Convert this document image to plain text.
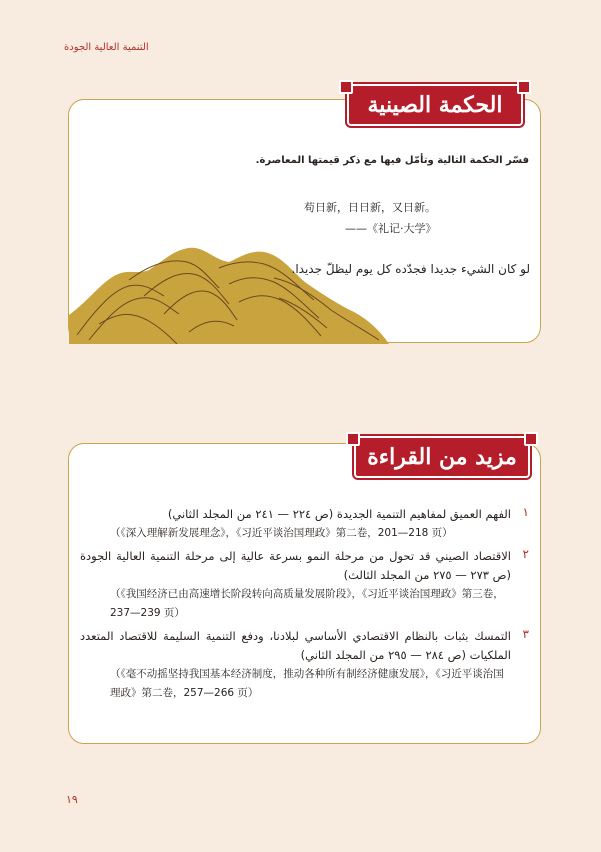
التنمية العالية الجودة
الحكمة الصينية
فسّر الحكمة التالية وتأمّل فيها مع ذكر قيمتها المعاصرة.
苟日新，日日新，又日新。
——《礼记·大学》
لو كان الشيء جديدا فجدّده كل يوم ليظلّ جديدا.
مزيد من القراءة
١
الفهم العميق لمفاهيم التنمية الجديدة (ص ٢٢٤ — ٢٤١ من المجلد الثاني)
（《深入理解新发展理念》，《习近平谈治国理政》第二卷，201—218 页）
٢
الاقتصاد الصيني قد تحول من مرحلة النمو بسرعة عالية إلى مرحلة التنمية العالية الجودة (ص ٢٧٣ — ٢٧٥ من المجلد الثالث)
（《我国经济已由高速增长阶段转向高质量发展阶段》，《习近平谈治国理政》第三卷，237—239 页）
٣
التمسك بثبات بالنظام الاقتصادي الأساسي لبلادنا، ودفع التنمية السليمة للاقتصاد المتعدد الملكيات (ص ٢٨٤ — ٢٩٥ من المجلد الثاني)
（《毫不动摇坚持我国基本经济制度，推动各种所有制经济健康发展》，《习近平谈治国理政》第二卷，257—266 页）
١٩
